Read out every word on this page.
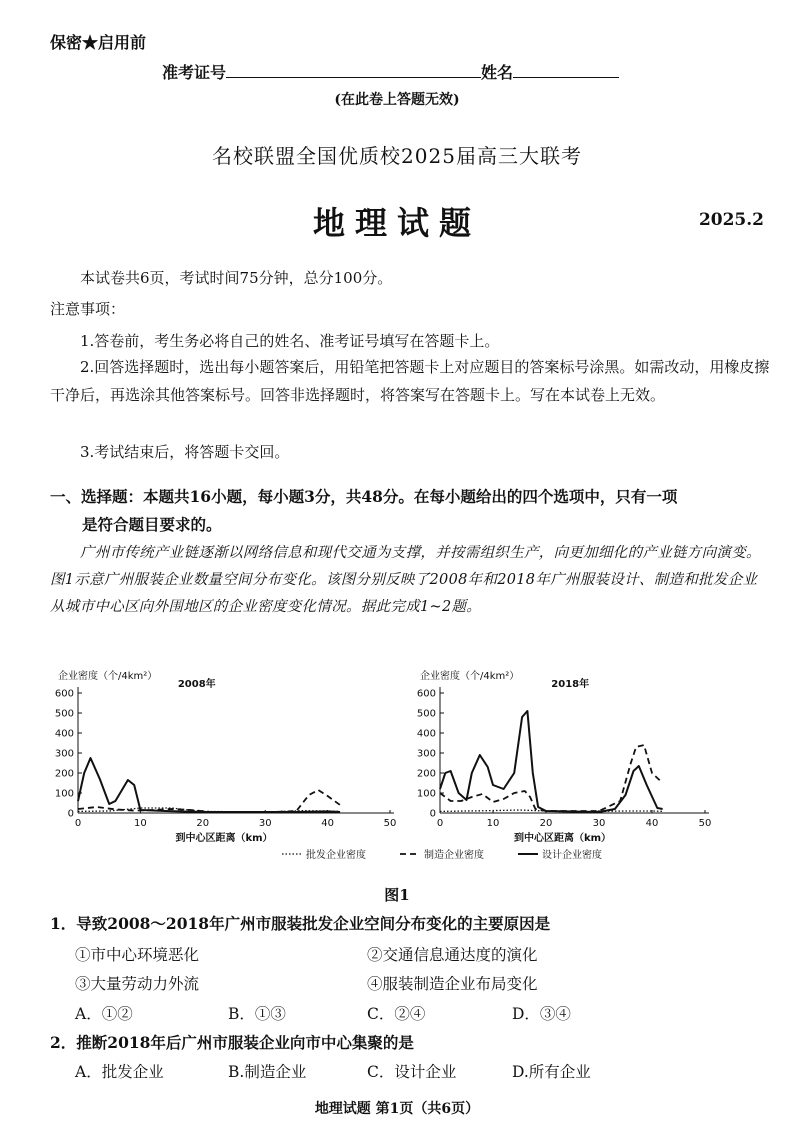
保密★启用前
准考证号	姓名
(在此卷上答题无效)
名校联盟全国优质校2025届高三大联考
地理试题	2025.2
本试卷共6页，考试时间75分钟，总分100分。
注意事项：
1.答卷前，考生务必将自己的姓名、准考证号填写在答题卡上。
2.回答选择题时，选出每小题答案后，用铅笔把答题卡上对应题目的答案标号涂黑。如需改动，用橡皮擦干净后，再选涂其他答案标号。回答非选择题时，将答案写在答题卡上。写在本试卷上无效。
3.考试结束后，将答题卡交回。
一、选择题：本题共16小题，每小题3分，共48分。在每小题给出的四个选项中，只有一项
是符合题目要求的。
广州市传统产业链逐渐以网络信息和现代交通为支撑，并按需组织生产，向更加细化的产业链方向演变。图1示意广州服装企业数量空间分布变化。该图分别反映了2008年和2018年广州服装设计、制造和批发企业从城市中心区向外围地区的企业密度变化情况。据此完成1~2题。
0
100
200
300
400
500
600
0	10	20	30	40	50
企业密度（个/4km²）
到中心区距离（km）
2008年
0
100
200
300
400
500
600
0	10	20	30	40	50
企业密度（个/4km²）
到中心区距离（km）
2018年
批发企业密度	制造企业密度	设计企业密度
图1
1．导致2008～2018年广州市服装批发企业空间分布变化的主要原因是
①市中心环境恶化	②交通信息通达度的演化
③大量劳动力外流	④服装制造企业布局变化
A．①②	B．①③	C．②④	D．③④
2．推断2018年后广州市服装企业向市中心集聚的是
A．批发企业	B.制造企业	C．设计企业	D.所有企业
地理试题 第1页（共6页）
